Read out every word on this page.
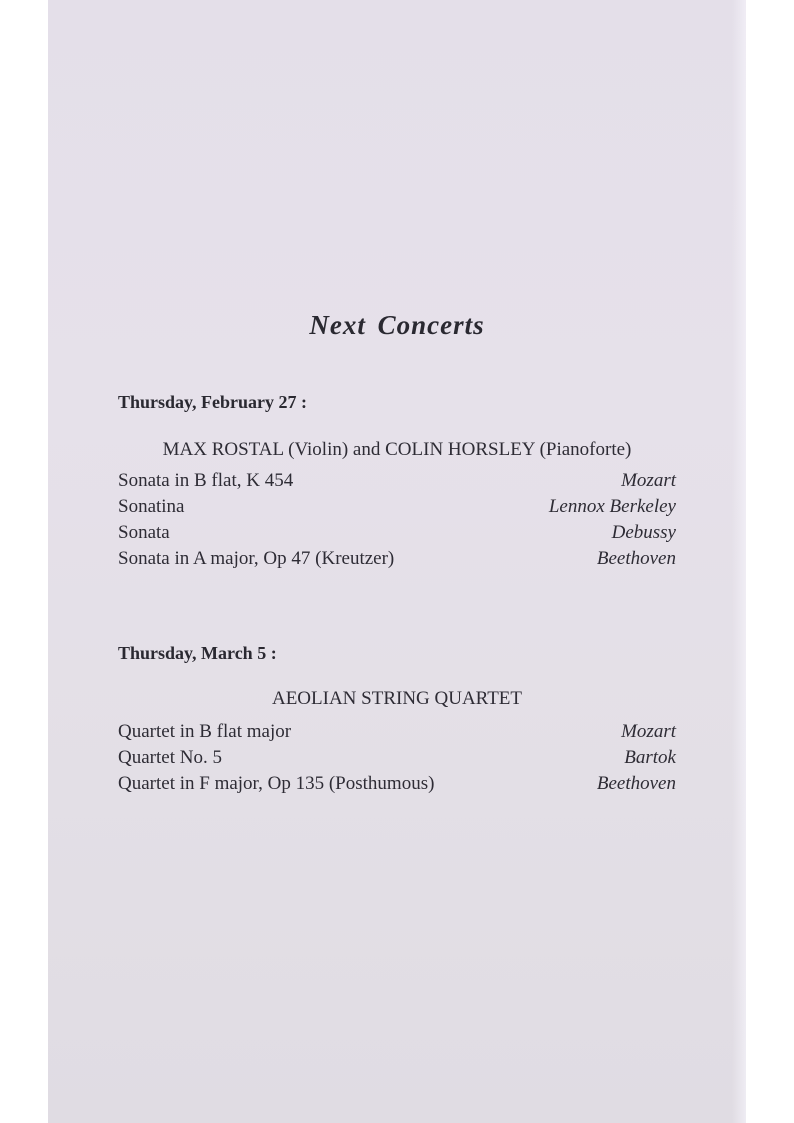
Next Concerts
Thursday, February 27 :
MAX ROSTAL (Violin) and COLIN HORSLEY (Pianoforte)
Sonata in B flat, K 454	Mozart
Sonatina	Lennox Berkeley
Sonata	Debussy
Sonata in A major, Op 47 (Kreutzer)	Beethoven
Thursday, March 5 :
AEOLIAN STRING QUARTET
Quartet in B flat major	Mozart
Quartet No. 5	Bartok
Quartet in F major, Op 135 (Posthumous)	Beethoven
